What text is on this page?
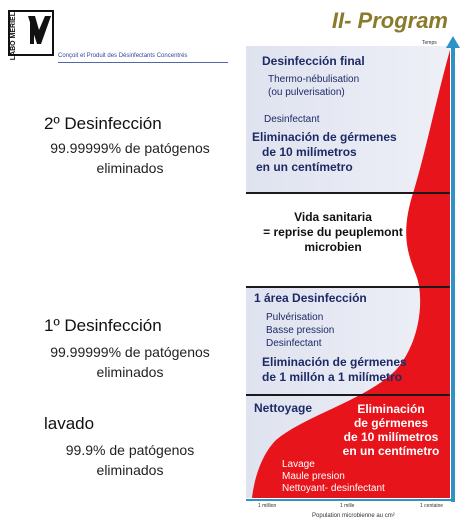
LABO MERIEL	Conçoit et Produit des Désinfectants Concentrés
II- Program
2º Desinfección
99.99999% de patógenos
eliminados
1º Desinfección
99.99999% de patógenos
eliminados
lavado
99.9% de patógenos
eliminados
Temps
1 million	1 mille	1 centaine
Population microbienne au cm²
Desinfección final
Thermo-nébulisation
(ou pulverisation)
Desinfectant
Eliminación de gérmenes
de 10 milímetros
en un centímetro
Vida sanitaria
= reprise du peuplemont
microbien
1 área Desinfección
Pulvérisation
Basse pression
Desinfectant
Eliminación de gérmenes
de 1 millón a 1 milímetro
Nettoyage	Eliminación
de gérmenes
de 10 milímetros
en un centímetro
Lavage
Maule presion
Nettoyant- desinfectant
